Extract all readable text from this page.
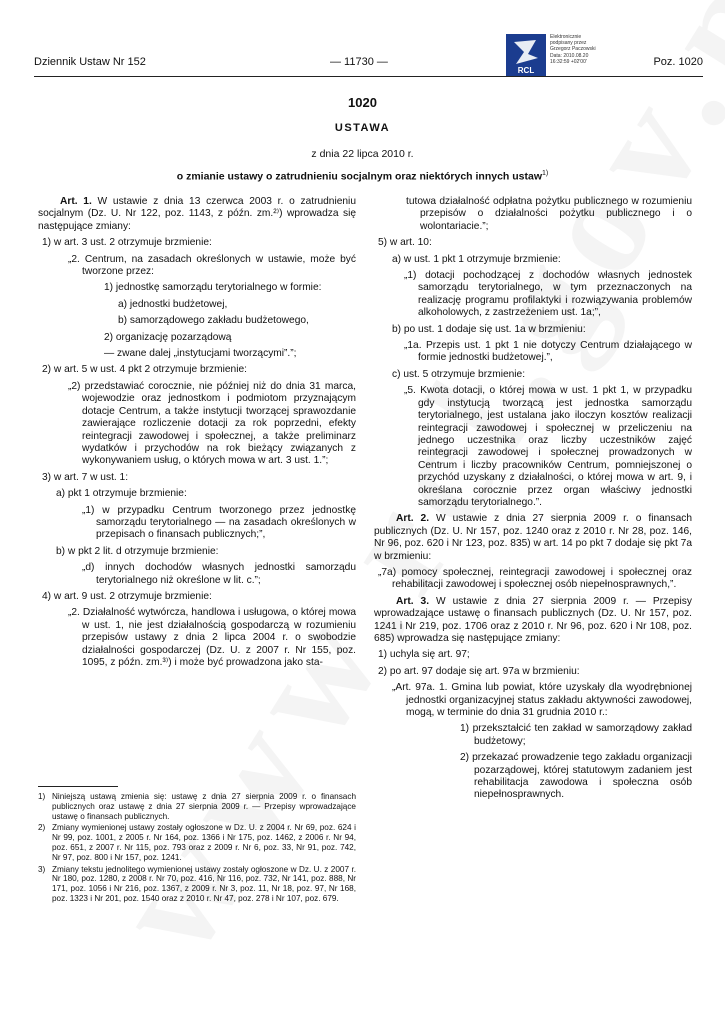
Dziennik Ustaw Nr 152	— 11730 —	Poz. 1020
RCL
Elektronicznie
podpisany przez
Grzegorz Paczowski
Data: 2010.08.20
16:32:59 +02'00'
1020
USTAWA
z dnia 22 lipca 2010 r.
o zmianie ustawy o zatrudnieniu socjalnym oraz niektórych innych ustaw$^{1)}$

Art. 1. W ustawie z dnia 13 czerwca 2003 r. o zatrudnieniu socjalnym (Dz. U. Nr 122, poz. 1143, z późn. zm.²⁾) wprowadza się następujące zmiany:

1) w art. 3 ust. 2 otrzymuje brzmienie:

„2. Centrum, na zasadach określonych w ustawie, może być tworzone przez:

1) jednostkę samorządu terytorialnego w formie:

a) jednostki budżetowej,

b) samorządowego zakładu budżetowego,

2) organizację pozarządową

— zwane dalej „instytucjami tworzącymi”.”;

2) w art. 5 w ust. 4 pkt 2 otrzymuje brzmienie:

„2) przedstawiać corocznie, nie później niż do dnia 31 marca, wojewodzie oraz jednostkom i podmiotom przyznającym dotacje Centrum, a także instytucji tworzącej sprawozdanie zawierające rozliczenie dotacji za rok poprzedni, efekty reintegracji zawodowej i społecznej, a także preliminarz wydatków i przychodów na rok bieżący związanych z wykonywaniem usług, o których mowa w art. 3 ust. 1.”;

3) w art. 7 w ust. 1:

a) pkt 1 otrzymuje brzmienie:

„1) w przypadku Centrum tworzonego przez jednostkę samorządu terytorialnego — na zasadach określonych w przepisach o finansach publicznych;”,

b) w pkt 2 lit. d otrzymuje brzmienie:

„d) innych dochodów własnych jednostki samorządu terytorialnego niż określone w lit. c.”;

4) w art. 9 ust. 2 otrzymuje brzmienie:

„2. Działalność wytwórcza, handlowa i usługowa, o której mowa w ust. 1, nie jest działalnością gospodarczą w rozumieniu przepisów ustawy z dnia 2 lipca 2004 r. o swobodzie działalności gospodarczej (Dz. U. z 2007 r. Nr 155, poz. 1095, z późn. zm.³⁾) i może być prowadzona jako sta-

tutowa działalność odpłatna pożytku publicznego w rozumieniu przepisów o działalności pożytku publicznego i o wolontariacie.”;

5) w art. 10:

a) w ust. 1 pkt 1 otrzymuje brzmienie:

„1) dotacji pochodzącej z dochodów własnych jednostek samorządu terytorialnego, w tym przeznaczonych na realizację programu profilaktyki i rozwiązywania problemów alkoholowych, z zastrzeżeniem ust. 1a;”,

b) po ust. 1 dodaje się ust. 1a w brzmieniu:

„1a. Przepis ust. 1 pkt 1 nie dotyczy Centrum działającego w formie jednostki budżetowej.”,

c) ust. 5 otrzymuje brzmienie:

„5. Kwota dotacji, o której mowa w ust. 1 pkt 1, w przypadku gdy instytucją tworzącą jest jednostka samorządu terytorialnego, jest ustalana jako iloczyn kosztów realizacji reintegracji zawodowej i społecznej w przeliczeniu na jednego uczestnika oraz liczby uczestników zajęć reintegracji zawodowej i społecznej prowadzonych w Centrum i liczby pracowników Centrum, pomniejszonej o przychód uzyskany z działalności, o której mowa w art. 9, i określana corocznie przez organ właściwy jednostki samorządu terytorialnego.”.

Art. 2. W ustawie z dnia 27 sierpnia 2009 r. o finansach publicznych (Dz. U. Nr 157, poz. 1240 oraz z 2010 r. Nr 28, poz. 146, Nr 96, poz. 620 i Nr 123, poz. 835) w art. 14 po pkt 7 dodaje się pkt 7a w brzmieniu:

„7a) pomocy społecznej, reintegracji zawodowej i społecznej oraz rehabilitacji zawodowej i społecznej osób niepełnosprawnych,”.

Art. 3. W ustawie z dnia 27 sierpnia 2009 r. — Przepisy wprowadzające ustawę o finansach publicznych (Dz. U. Nr 157, poz. 1241 i Nr 219, poz. 1706 oraz z 2010 r. Nr 96, poz. 620 i Nr 108, poz. 685) wprowadza się następujące zmiany:

1) uchyla się art. 97;

2) po art. 97 dodaje się art. 97a w brzmieniu:

„Art. 97a. 1. Gmina lub powiat, które uzyskały dla wyodrębnionej jednostki organizacyjnej status zakładu aktywności zawodowej, mogą, w terminie do dnia 31 grudnia 2010 r.:

1) przekształcić ten zakład w samorządowy zakład budżetowy;

2) przekazać prowadzenie tego zakładu organizacji pozarządowej, której statutowym zadaniem jest rehabilitacja zawodowa i społeczna osób niepełnosprawnych.

1) Niniejszą ustawą zmienia się: ustawę z dnia 27 sierpnia 2009 r. o finansach publicznych oraz ustawę z dnia 27 sierpnia 2009 r. — Przepisy wprowadzające ustawę o finansach publicznych.
2) Zmiany wymienionej ustawy zostały ogłoszone w Dz. U. z 2004 r. Nr 69, poz. 624 i Nr 99, poz. 1001, z 2005 r. Nr 164, poz. 1366 i Nr 175, poz. 1462, z 2006 r. Nr 94, poz. 651, z 2007 r. Nr 115, poz. 793 oraz z 2009 r. Nr 6, poz. 33, Nr 91, poz. 742, Nr 97, poz. 800 i Nr 157, poz. 1241.
3) Zmiany tekstu jednolitego wymienionej ustawy zostały ogłoszone w Dz. U. z 2007 r. Nr 180, poz. 1280, z 2008 r. Nr 70, poz. 416, Nr 116, poz. 732, Nr 141, poz. 888, Nr 171, poz. 1056 i Nr 216, poz. 1367, z 2009 r. Nr 3, poz. 11, Nr 18, poz. 97, Nr 168, poz. 1323 i Nr 201, poz. 1540 oraz z 2010 r. Nr 47, poz. 278 i Nr 107, poz. 679.
